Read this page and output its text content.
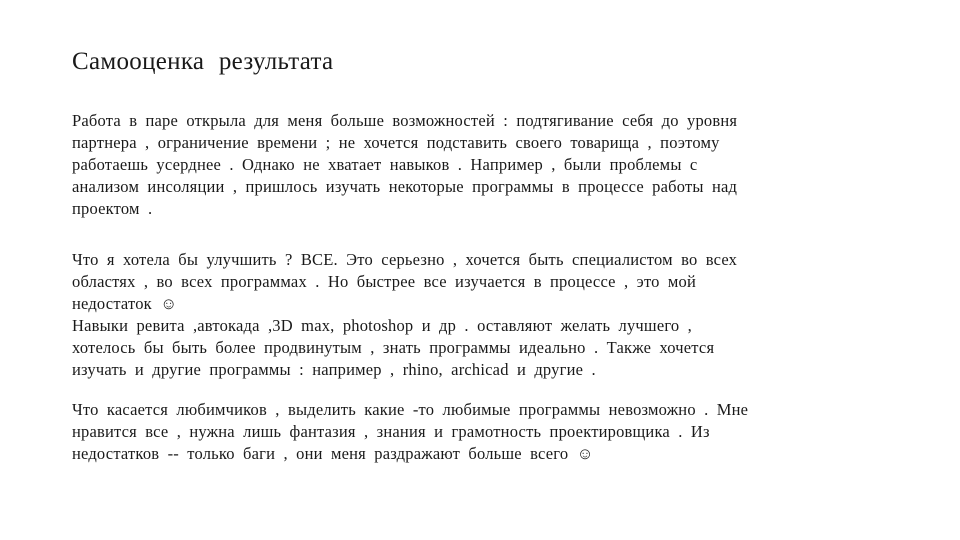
Самооценка результата
Работа в паре открыла для меня больше возможностей : подтягивание себя до уровня
партнера , ограничение времени ; не хочется подставить своего товарища , поэтому
работаешь усерднее . Однако не хватает навыков . Например , были проблемы с
анализом инсоляции , пришлось изучать некоторые программы в процессе работы над
проектом .
Что я хотела бы улучшить ? ВСЕ. Это серьезно , хочется быть специалистом во всех
областях , во всех программах . Но быстрее все изучается в процессе , это мой
недостаток ☺
Навыки ревита ,автокада ,3D max, photoshop и др . оставляют желать лучшего ,
хотелось бы быть более продвинутым , знать программы идеально . Также хочется
изучать и другие программы : например , rhino, archicad и другие .
Что касается любимчиков , выделить какие -то любимые программы невозможно . Мне
нравится все , нужна лишь фантазия , знания и грамотность проектировщика . Из
недостатков -- только баги , они меня раздражают больше всего ☺
